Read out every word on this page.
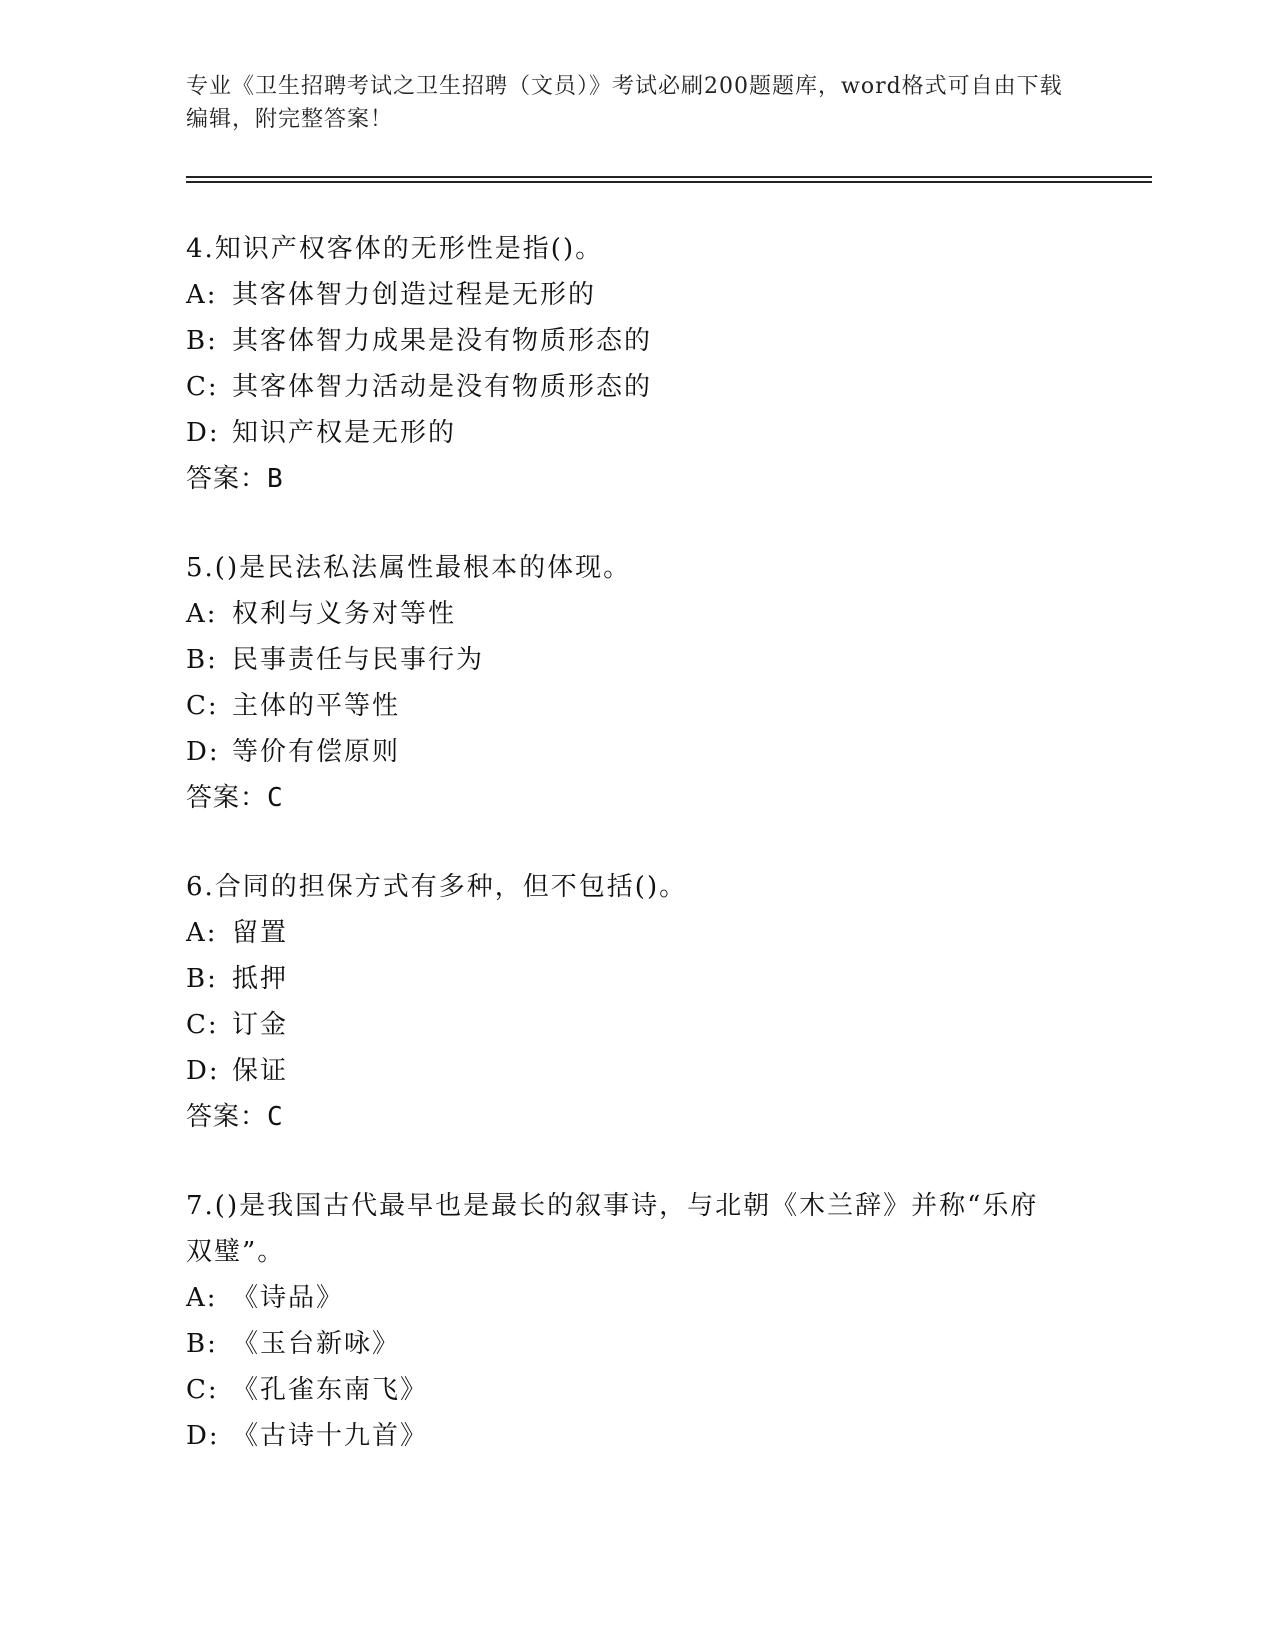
专业《卫生招聘考试之卫生招聘（文员）》考试必刷200题题库，word格式可自由下载编辑，附完整答案！
4.知识产权客体的无形性是指()。
A: 其客体智力创造过程是无形的
B: 其客体智力成果是没有物质形态的
C: 其客体智力活动是没有物质形态的
D: 知识产权是无形的
答案：B
5.()是民法私法属性最根本的体现。
A: 权利与义务对等性
B: 民事责任与民事行为
C: 主体的平等性
D: 等价有偿原则
答案：C
6.合同的担保方式有多种，但不包括()。
A: 留置
B: 抵押
C: 订金
D: 保证
答案：C
7.()是我国古代最早也是最长的叙事诗，与北朝《木兰辞》并称“乐府双璧”。
A: 《诗品》
B: 《玉台新咏》
C: 《孔雀东南飞》
D: 《古诗十九首》
